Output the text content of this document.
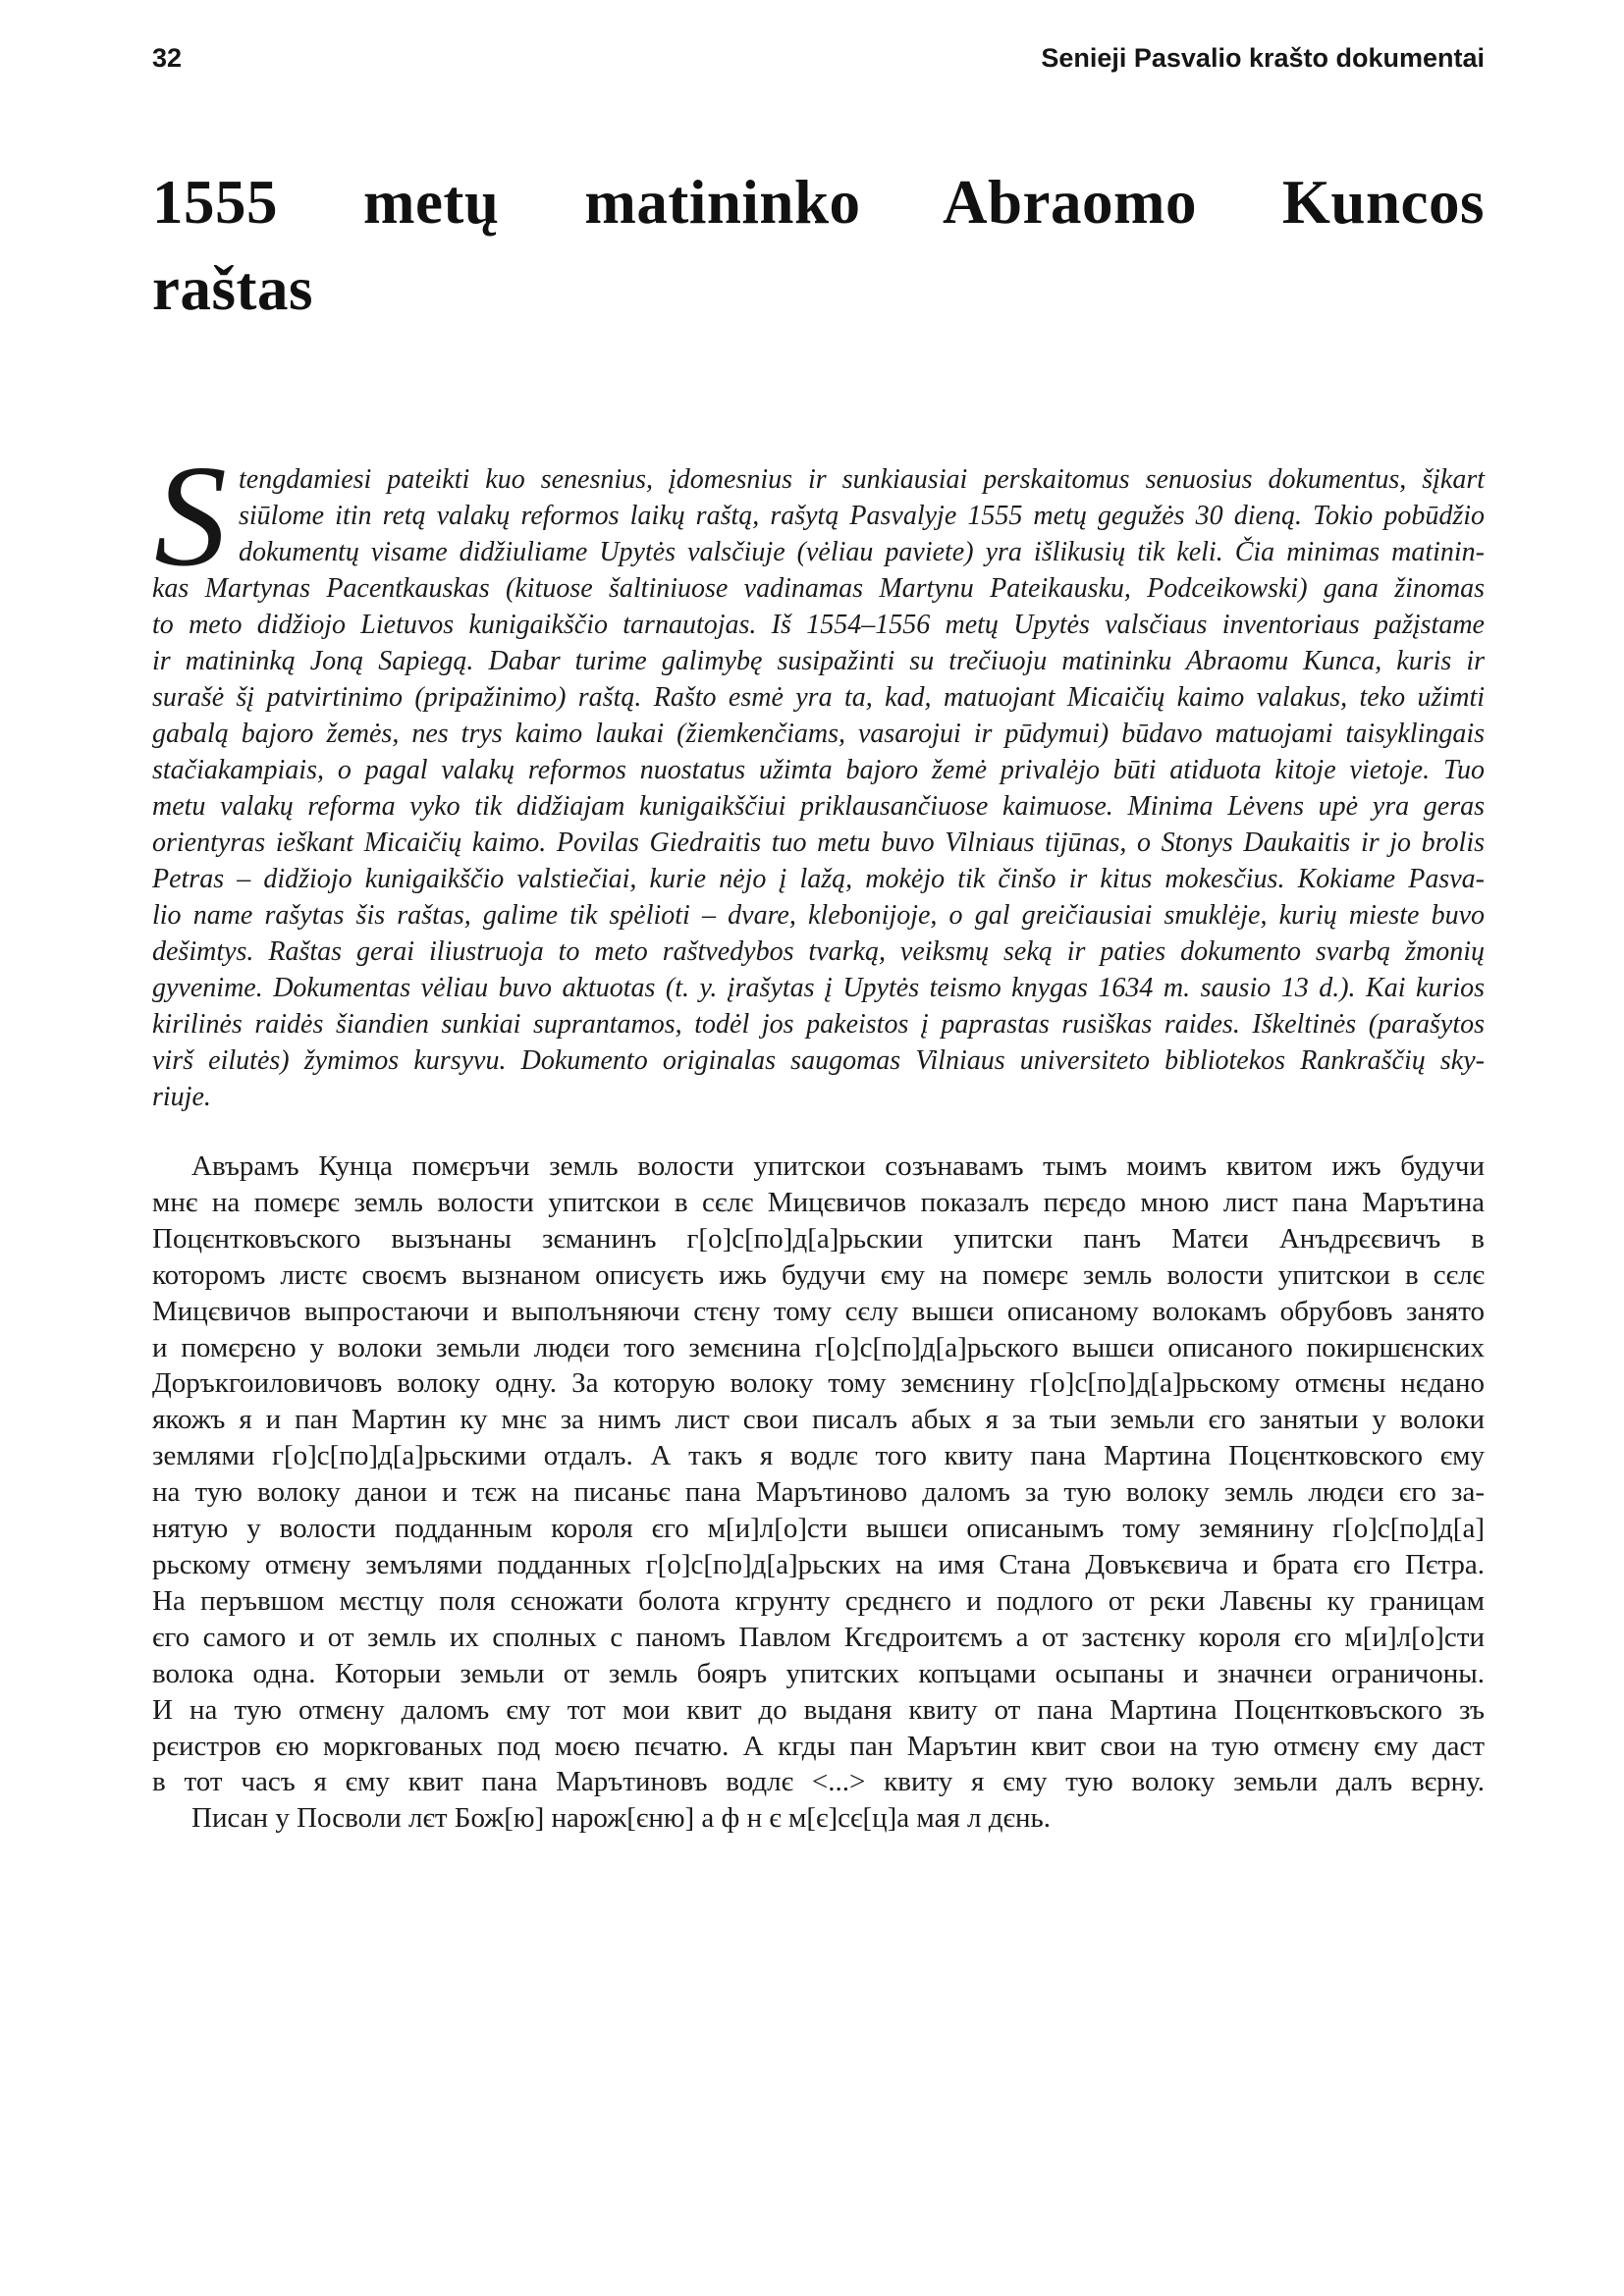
32	Senieji Pasvalio krašto dokumentai
1555 metų matininko Abraomo Kuncos
raštas
S tengdamiesi pateikti kuo senesnius, įdomesnius ir sunkiausiai perskaitomus senuosius dokumentus, šįkart
siūlome itin retą valakų reformos laikų raštą, rašytą Pasvalyje 1555 metų gegužės 30 dieną. Tokio pobūdžio
dokumentų visame didžiuliame Upytės valsčiuje (vėliau paviete) yra išlikusių tik keli. Čia minimas matinin-
kas Martynas Pacentkauskas (kituose šaltiniuose vadinamas Martynu Pateikausku, Podceikowski) gana žinomas
to meto didžiojo Lietuvos kunigaikščio tarnautojas. Iš 1554–1556 metų Upytės valsčiaus inventoriaus pažįstame
ir matininką Joną Sapiegą. Dabar turime galimybę susipažinti su trečiuoju matininku Abraomu Kunca, kuris ir
surašė šį patvirtinimo (pripažinimo) raštą. Rašto esmė yra ta, kad, matuojant Micaičių kaimo valakus, teko užimti
gabalą bajoro žemės, nes trys kaimo laukai (žiemkenčiams, vasarojui ir pūdymui) būdavo matuojami taisyklingais
stačiakampiais, o pagal valakų reformos nuostatus užimta bajoro žemė privalėjo būti atiduota kitoje vietoje. Tuo
metu valakų reforma vyko tik didžiajam kunigaikščiui priklausančiuose kaimuose. Minima Lėvens upė yra geras
orientyras ieškant Micaičių kaimo. Povilas Giedraitis tuo metu buvo Vilniaus tijūnas, o Stonys Daukaitis ir jo brolis
Petras – didžiojo kunigaikščio valstiečiai, kurie nėjo į lažą, mokėjo tik činšo ir kitus mokesčius. Kokiame Pasva-
lio name rašytas šis raštas, galime tik spėlioti – dvare, klebonijoje, o gal greičiausiai smuklėje, kurių mieste buvo
dešimtys. Raštas gerai iliustruoja to meto raštvedybos tvarką, veiksmų seką ir paties dokumento svarbą žmonių
gyvenime. Dokumentas vėliau buvo aktuotas (t. y. įrašytas į Upytės teismo knygas 1634 m. sausio 13 d.). Kai kurios
kirilinės raidės šiandien sunkiai suprantamos, todėl jos pakeistos į paprastas rusiškas raides. Iškeltinės (parašytos
virš eilutės) žymimos kursyvu. Dokumento originalas saugomas Vilniaus universiteto bibliotekos Rankraščių sky-
riuje.
Авърамъ Кунца помєръчи земль волости упитскои созънавамъ тымъ моимъ квитом ижъ будучи
мнє на помєрє земль волости упитскои в сєлє Мицєвичов показалъ пєрєдо мною лист пана Марътина
Поцєнтковъского вызънаны зєманинъ г[о]с[по]д[а]рьскии упитски панъ Матєи Анъдрєєвичъ в
которомъ листє своємъ вызнаном описуєть ижь будучи єму на помєрє земль волости упитскои в сєлє
Мицєвичов выпростаючи и выполъняючи стєну тому сєлу вышєи описаному волокамъ обрубовъ занято
и помєрєно у волоки земьли людєи того земєнина г[о]с[по]д[а]рьского вышєи описаного покиршєнских
Доръкгоиловичовъ волоку одну. За которую волоку тому земєнину г[о]с[по]д[а]рьскому отмєны нєдано
якожъ я и пан Мартин ку мнє за нимъ лист свои писалъ абых я за тыи земьли єго занятыи у волоки
землями г[о]с[по]д[а]рьскими отдалъ. А такъ я водлє того квиту пана Мартина Поцєнтковского єму
на тую волоку данои и тєж на писаньє пана Марътиново даломъ за тую волоку земль людєи єго за-
нятую у волости подданным короля єго м[и]л[о]сти вышєи описанымъ тому земянину г[о]с[по]д[а]
рьскому отмєну земълями подданных г[о]с[по]д[а]рьских на имя Стана Довъкєвича и брата єго Пєтра.
На перъвшом мєстцу поля сєножати болота кгрунту срєднєго и подлого от рєки Лавєны ку границам
єго самого и от земль их сполных с паномъ Павлом Кгєдроитємъ а от застєнку короля єго м[и]л[о]сти
волока одна. Которыи земьли от земль бояръ упитских копъцами осыпаны и значнєи ограничоны.
И на тую отмєну даломъ єму тот мои квит до выданя квиту от пана Мартина Поцєнтковъского зъ
рєистров єю моркгованых под моєю пєчатю. А кгды пан Марътин квит свои на тую отмєну єму даст
в тот часъ я єму квит пана Марътиновъ водлє <...> квиту я єму тую волоку земьли далъ вєрну.
Писан у Посволи лєт Бож[ю] нарож[єню] а ф н є м[є]сє[ц]а мая л дєнь.
